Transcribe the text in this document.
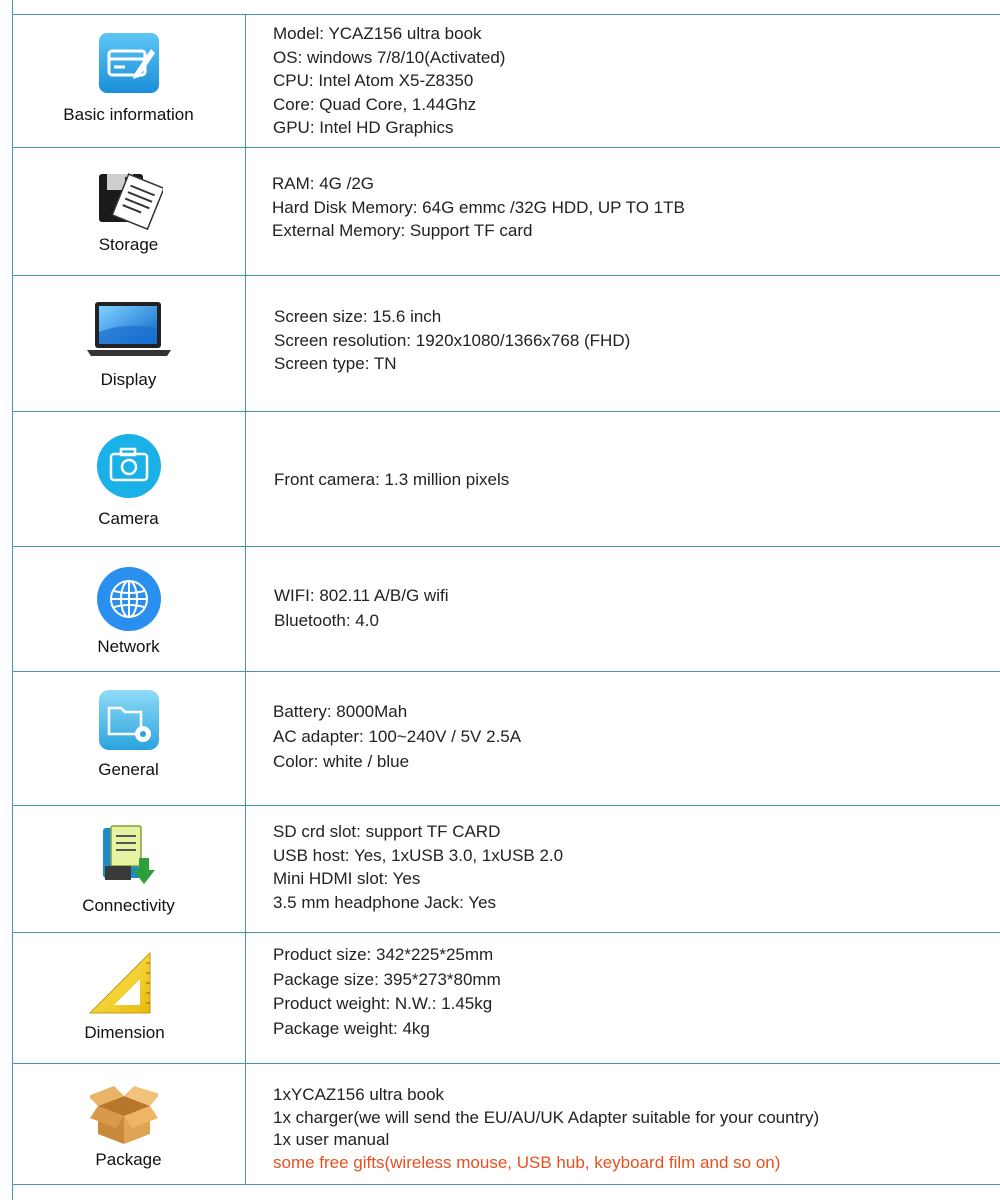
Basic information
Model: YCAZ156 ultra book
OS: windows 7/8/10(Activated)
CPU: Intel Atom X5-Z8350
Core: Quad Core, 1.44Ghz
GPU: Intel HD Graphics
Storage
RAM: 4G /2G
Hard Disk Memory: 64G emmc /32G HDD, UP TO 1TB
External Memory: Support TF card
Display
Screen size: 15.6 inch
Screen resolution: 1920x1080/1366x768 (FHD)
Screen type: TN
Camera
Front camera: 1.3 million pixels
Network
WIFI: 802.11 A/B/G wifi
Bluetooth: 4.0
General
Battery: 8000Mah
AC adapter: 100~240V / 5V 2.5A
Color: white / blue
Connectivity
SD crd slot: support TF CARD
USB host: Yes, 1xUSB 3.0, 1xUSB 2.0
Mini HDMI slot: Yes
3.5 mm headphone Jack: Yes
Dimension
Product size: 342*225*25mm
Package size: 395*273*80mm
Product weight: N.W.: 1.45kg
Package weight: 4kg
Package
1xYCAZ156 ultra book
1x charger(we will send the EU/AU/UK Adapter suitable for your country)
1x user manual
some free gifts(wireless mouse, USB hub, keyboard film and so on)
